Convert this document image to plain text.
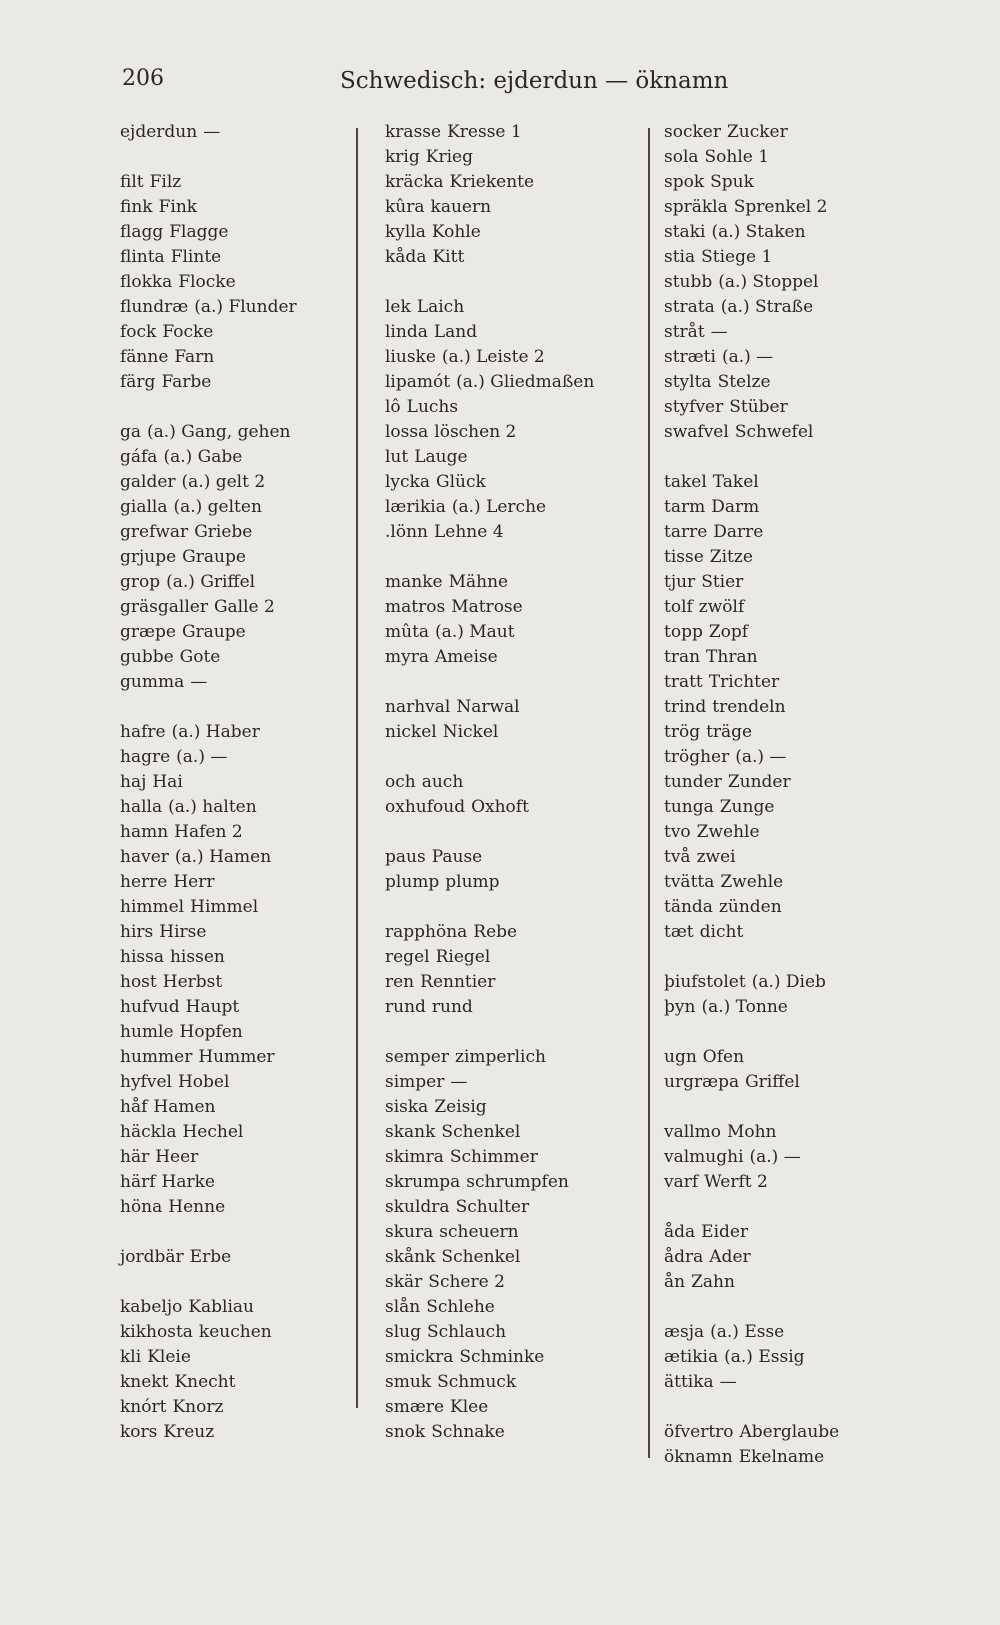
206	Schwedisch: ejderdun — öknamn
ejderdun —
filt Filz
fink Fink
flagg Flagge
flinta Flinte
flokka Flocke
flundræ (a.) Flunder
fock Focke
fänne Farn
färg Farbe
ga (a.) Gang, gehen
gáfa (a.) Gabe
galder (a.) gelt 2
gialla (a.) gelten
grefwar Griebe
grjupe Graupe
grop (a.) Griffel
gräsgaller Galle 2
græpe Graupe
gubbe Gote
gumma —
hafre (a.) Haber
hagre (a.) —
haj Hai
halla (a.) halten
hamn Hafen 2
haver (a.) Hamen
herre Herr
himmel Himmel
hirs Hirse
hissa hissen
host Herbst
hufvud Haupt
humle Hopfen
hummer Hummer
hyfvel Hobel
håf Hamen
häckla Hechel
här Heer
härf Harke
höna Henne
jordbär Erbe
kabeljo Kabliau
kikhosta keuchen
kli Kleie
knekt Knecht
knórt Knorz
kors Kreuz
krasse Kresse 1
krig Krieg
kräcka Kriekente
kûra kauern
kylla Kohle
kåda Kitt
lek Laich
linda Land
liuske (a.) Leiste 2
lipamót (a.) Gliedmaßen
lô Luchs
lossa löschen 2
lut Lauge
lycka Glück
lærikia (a.) Lerche
.lönn Lehne 4
manke Mähne
matros Matrose
mûta (a.) Maut
myra Ameise
narhval Narwal
nickel Nickel
och auch
oxhufoud Oxhoft
paus Pause
plump plump
rapphöna Rebe
regel Riegel
ren Renntier
rund rund
semper zimperlich
simper —
siska Zeisig
skank Schenkel
skimra Schimmer
skrumpa schrumpfen
skuldra Schulter
skura scheuern
skånk Schenkel
skär Schere 2
slån Schlehe
slug Schlauch
smickra Schminke
smuk Schmuck
smære Klee
snok Schnake
socker Zucker
sola Sohle 1
spok Spuk
spräkla Sprenkel 2
staki (a.) Staken
stia Stiege 1
stubb (a.) Stoppel
strata (a.) Straße
stråt —
stræti (a.) —
stylta Stelze
styfver Stüber
swafvel Schwefel
takel Takel
tarm Darm
tarre Darre
tisse Zitze
tjur Stier
tolf zwölf
topp Zopf
tran Thran
tratt Trichter
trind trendeln
trög träge
trögher (a.) —
tunder Zunder
tunga Zunge
tvo Zwehle
två zwei
tvätta Zwehle
tända zünden
tæt dicht
þiufstolet (a.) Dieb
þyn (a.) Tonne
ugn Ofen
urgræpa Griffel
vallmo Mohn
valmughi (a.) —
varf Werft 2
åda Eider
ådra Ader
ån Zahn
æsja (a.) Esse
ætikia (a.) Essig
ättika —
öfvertro Aberglaube
öknamn Ekelname
